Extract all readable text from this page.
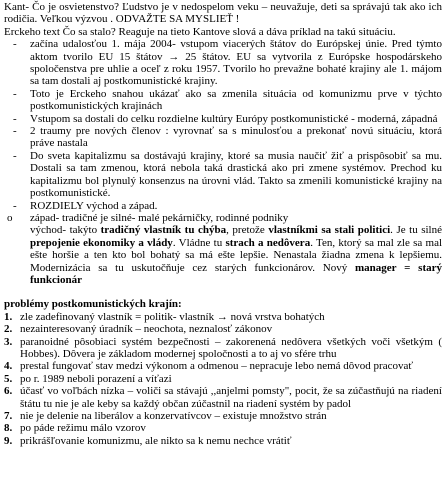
Kant- Čo je osvietenstvo? Ľudstvo je v nedospelom veku – neuvažuje, deti sa správajú tak ako ich rodičia. Veľkou výzvou . ODVAŽTE SA MYSLIEŤ !

Erckeho text Čo sa stalo? Reaguje na tieto Kantove slová a dáva príklad na takú situáciu.

- začína udalosťou 1. mája 2004- vstupom viacerých štátov do Európskej únie. Pred týmto aktom tvorilo EU 15 štátov → 25 štátov. EU sa vytvorila z Európske hospodárskeho spoločenstva pre uhlie a oceľ z roku 1957. Tvorilo ho prevažne bohaté krajiny ale 1. májom sa tam dostali aj postkomunistické krajiny.
- Toto je Erckeho snahou ukázať ako sa zmenila situácia od komunizmu prve v týchto postkomunistických krajinách
- Vstupom sa dostali do celku rozdielne kultúry Európy postkomunistické - moderná, západná
- 2 traumy pre nových členov : vyrovnať sa s minulosťou a prekonať novú situáciu, ktorá práve nastala
- Do sveta kapitalizmu sa dostávajú krajiny, ktoré sa musia naučiť žiť a prispôsobiť sa mu. Dostali sa tam zmenou, ktorá nebola taká drastická ako pri zmene systémov. Prechod ku kapitalizmu bol plynulý konsenzus na úrovni vlád. Takto sa zmenili komunistické krajiny na postkomunistické.
- ROZDIELY východ a západ.

o západ- tradičné je silné- malé pekárničky, rodinné podniky

východ- takýto tradičný vlastník tu chýba, pretože vlastníkmi sa stali politici. Je tu silné prepojenie ekonomiky a vlády. Vládne tu strach a nedôvera. Ten, ktorý sa mal zle sa mal ešte horšie a ten kto bol bohatý sa má ešte lepšie. Nenastala žiadna zmena k lepšiemu. Modernizácia sa tu uskutočňuje cez starých funkcionárov. Nový manager = starý funkcionár

problémy postkomunistických krajín:
1. zle zadefinovaný vlastník = politik- vlastník → nová vrstva bohatých
2. nezainteresovaný úradník – neochota, neznalosť zákonov
3. paranoidné pôsobiaci systém bezpečnosti – zakorenená nedôvera všetkých voči všetkým ( Hobbes). Dôvera je základom modernej spoločnosti a to aj vo sfére trhu
4. prestal fungovať stav medzi výkonom a odmenou – nepracuje lebo nemá dôvod pracovať
5. po r. 1989 neboli porazení a víťazi
6. účasť vo voľbách nízka – voliči sa stávajú ,,anjelmi pomsty", pocit, že sa zúčastňujú na riadení štátu tu nie je ale keby sa každý občan zúčastnil na riadení systém by padol
7. nie je delenie na liberálov a konzervatívcov – existuje množstvo strán
8. po páde režimu málo vzorov
9. prikrášľovanie komunizmu, ale nikto sa k nemu nechce vrátiť
